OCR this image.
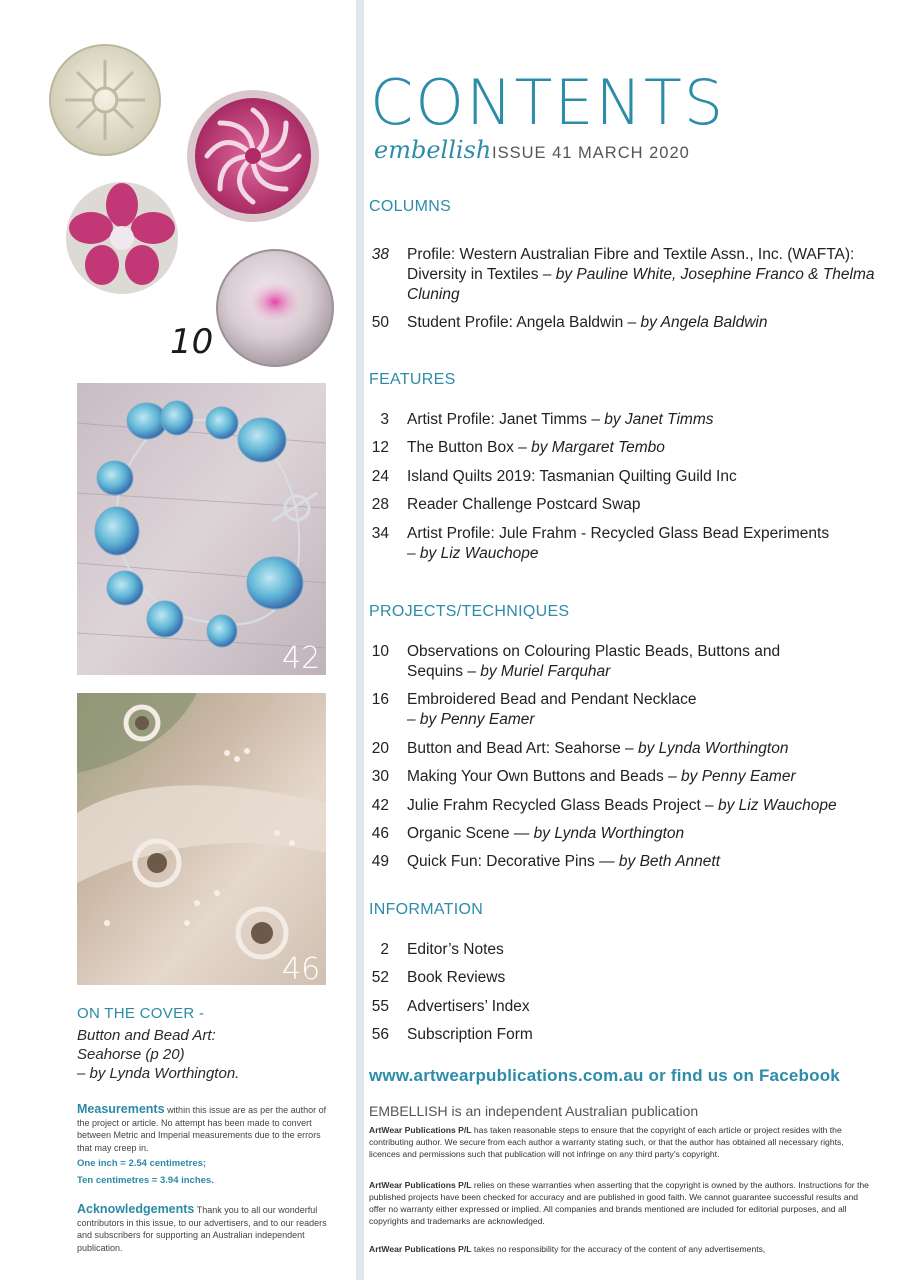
10
42
46
ON THE COVER -
Button and Bead Art:
Seahorse (p 20)
– by Lynda Worthington.
Measurements within this issue are as per the author of the project or article. No attempt has been made to convert between Metric and Imperial measurements due to the errors that may creep in.
One inch = 2.54 centimetres;
Ten centimetres = 3.94 inches.
Acknowledgements Thank you to all our wonderful contributors in this issue, to our advertisers, and to our readers and subscribers for supporting an Australian independent publication.
CONTENTS
embellish ISSUE 41 MARCH 2020
COLUMNS
38 Profile: Western Australian Fibre and Textile Assn., Inc. (WAFTA): Diversity in Textiles – by Pauline White, Josephine Franco & Thelma Cluning
50 Student Profile: Angela Baldwin – by Angela Baldwin
FEATURES
3 Artist Profile: Janet Timms – by Janet Timms
12 The Button Box – by Margaret Tembo
24 Island Quilts 2019: Tasmanian Quilting Guild Inc
28 Reader Challenge Postcard Swap
34 Artist Profile: Jule Frahm - Recycled Glass Bead Experiments
– by Liz Wauchope
PROJECTS/TECHNIQUES
10 Observations on Colouring Plastic Beads, Buttons and Sequins – by Muriel Farquhar
16 Embroidered Bead and Pendant Necklace
– by Penny Eamer
20 Button and Bead Art: Seahorse – by Lynda Worthington
30 Making Your Own Buttons and Beads – by Penny Eamer
42 Julie Frahm Recycled Glass Beads Project – by Liz Wauchope
46 Organic Scene — by Lynda Worthington
49 Quick Fun: Decorative Pins — by Beth Annett
INFORMATION
2 Editor’s Notes
52 Book Reviews
55 Advertisers’ Index
56 Subscription Form
www.artwearpublications.com.au or find us on Facebook
EMBELLISH is an independent Australian publication
ArtWear Publications P/L has taken reasonable steps to ensure that the copyright of each article or project resides with the contributing author. We secure from each author a warranty stating such, or that the author has obtained all necessary rights, licences and permissions such that publication will not infringe on any third party’s copyright.
ArtWear Publications P/L relies on these warranties when asserting that the copyright is owned by the authors. Instructions for the published projects have been checked for accuracy and are published in good faith. We cannot guarantee successful results and offer no warranty either expressed or implied. All companies and brands mentioned are included for editorial purposes, and all copyrights and trademarks are acknowledged.
ArtWear Publications P/L takes no responsibility for the accuracy of the content of any advertisements,
